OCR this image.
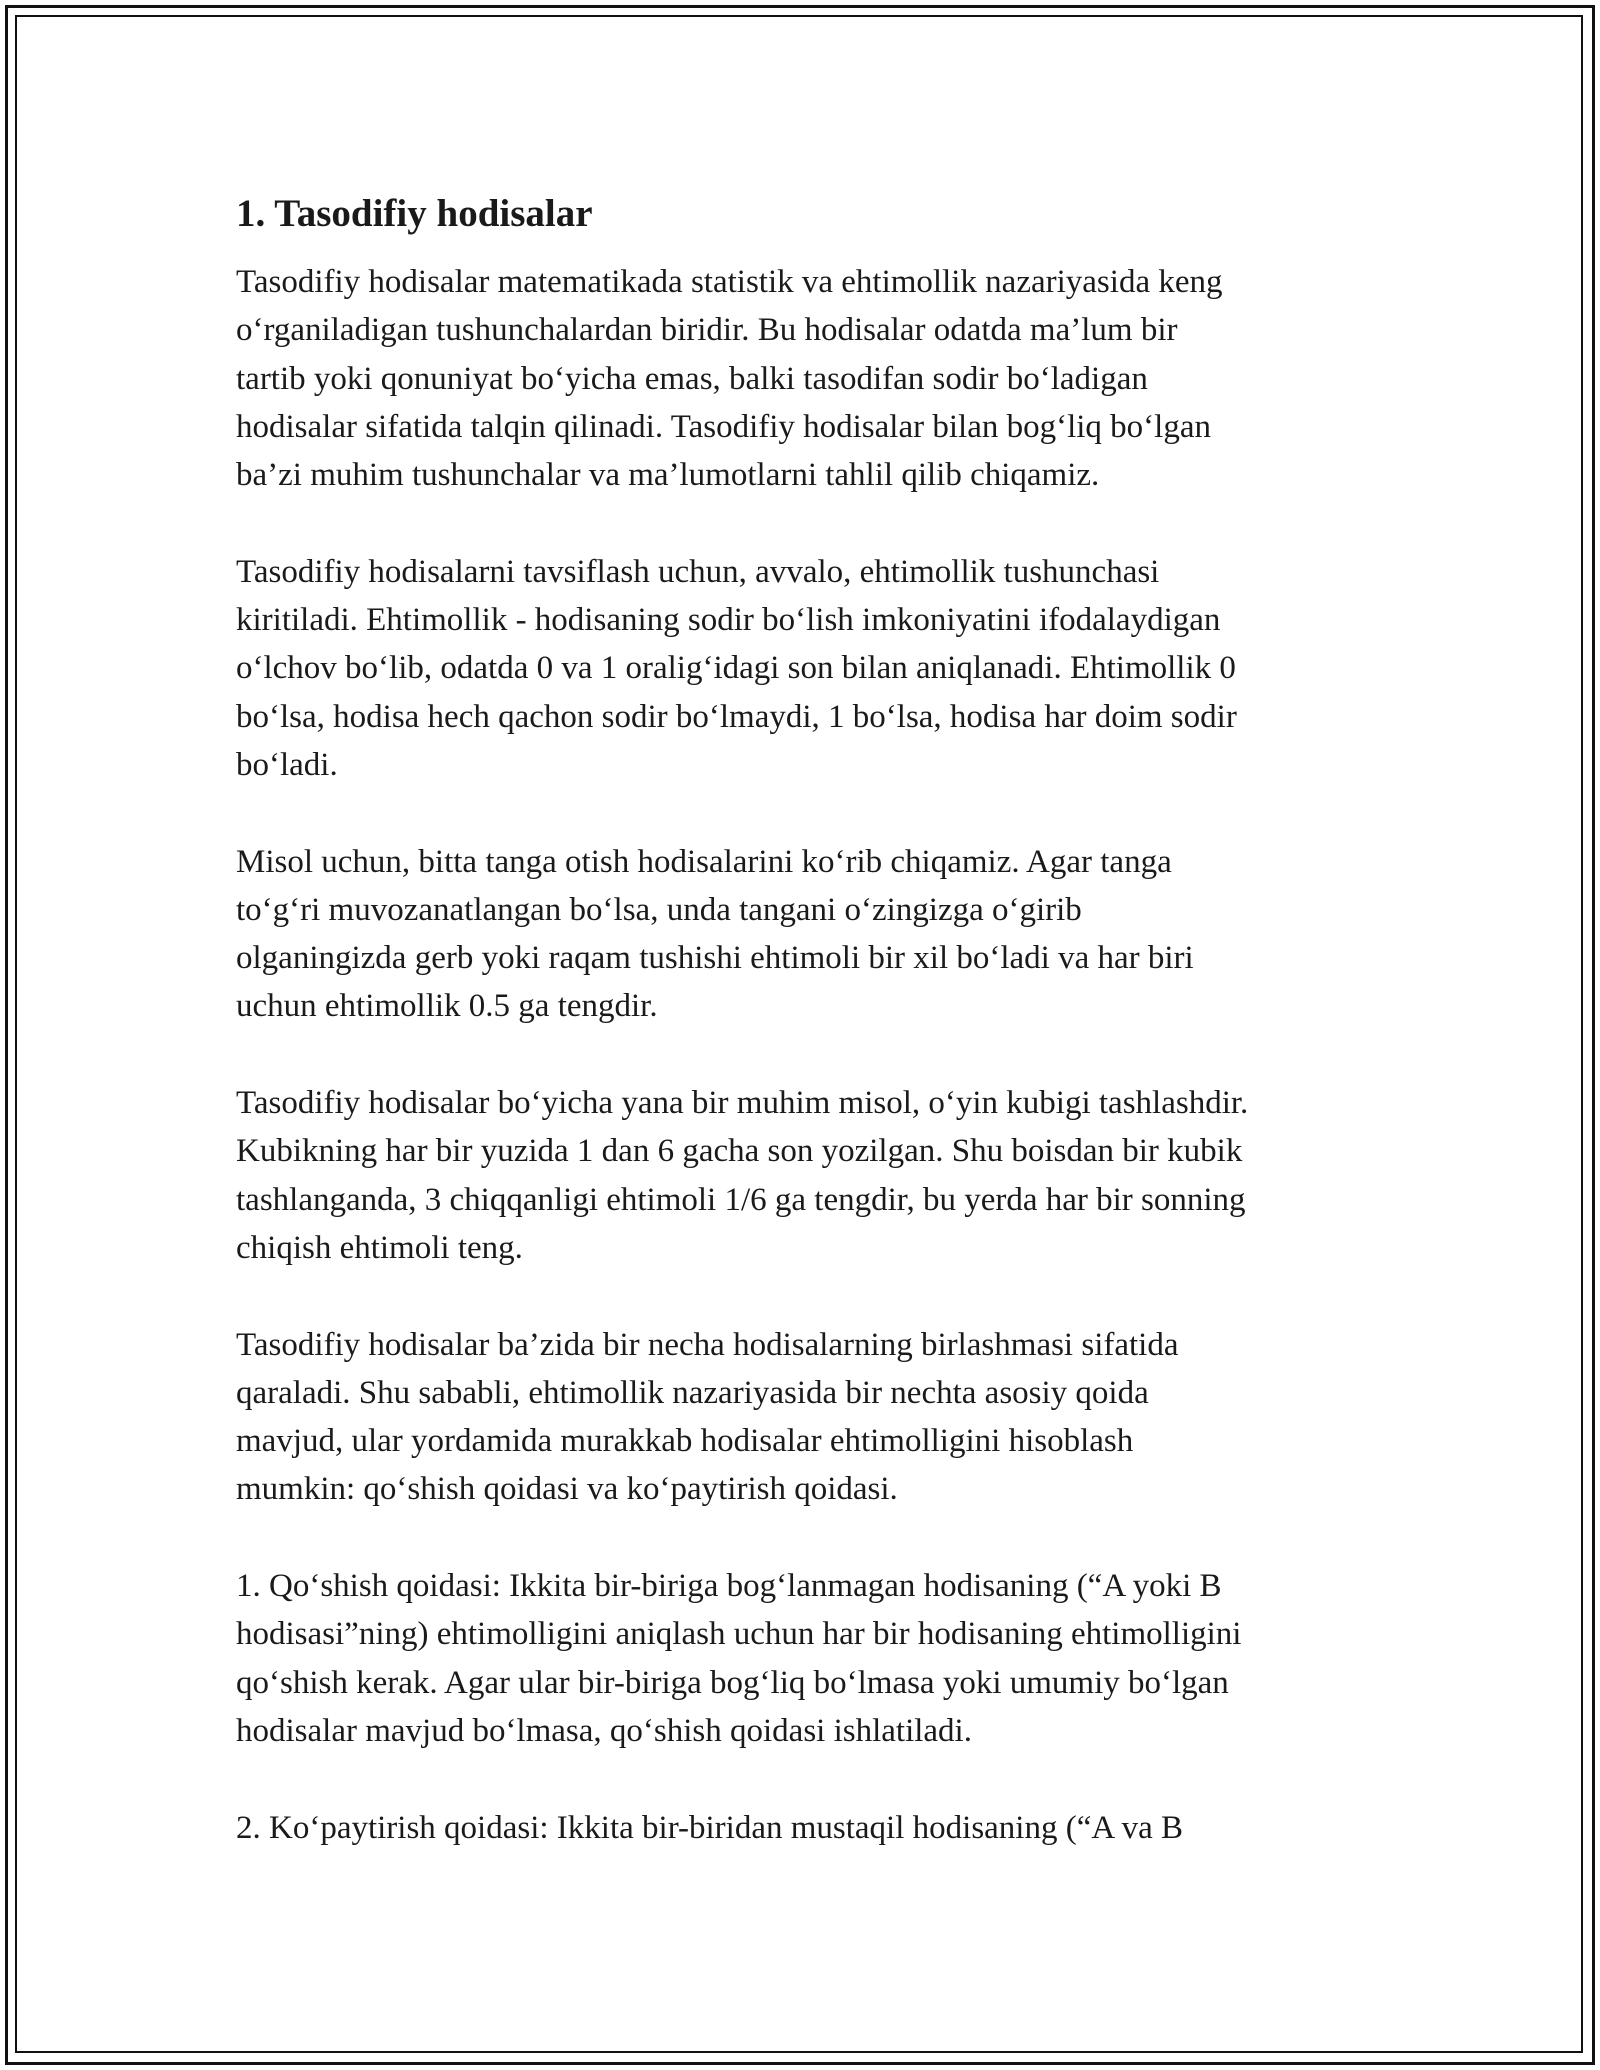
1. Tasodifiy hodisalar

Tasodifiy hodisalar matematikada statistik va ehtimollik nazariyasida keng
o‘rganiladigan tushunchalardan biridir. Bu hodisalar odatda ma’lum bir
tartib yoki qonuniyat bo‘yicha emas, balki tasodifan sodir bo‘ladigan
hodisalar sifatida talqin qilinadi. Tasodifiy hodisalar bilan bog‘liq bo‘lgan
ba’zi muhim tushunchalar va ma’lumotlarni tahlil qilib chiqamiz.

Tasodifiy hodisalarni tavsiflash uchun, avvalo, ehtimollik tushunchasi
kiritiladi. Ehtimollik - hodisaning sodir bo‘lish imkoniyatini ifodalaydigan
o‘lchov bo‘lib, odatda 0 va 1 oralig‘idagi son bilan aniqlanadi. Ehtimollik 0
bo‘lsa, hodisa hech qachon sodir bo‘lmaydi, 1 bo‘lsa, hodisa har doim sodir
bo‘ladi.

Misol uchun, bitta tanga otish hodisalarini ko‘rib chiqamiz. Agar tanga
to‘g‘ri muvozanatlangan bo‘lsa, unda tangani o‘zingizga o‘girib
olganingizda gerb yoki raqam tushishi ehtimoli bir xil bo‘ladi va har biri
uchun ehtimollik 0.5 ga tengdir.

Tasodifiy hodisalar bo‘yicha yana bir muhim misol, o‘yin kubigi tashlashdir.
Kubikning har bir yuzida 1 dan 6 gacha son yozilgan. Shu boisdan bir kubik
tashlanganda, 3 chiqqanligi ehtimoli 1/6 ga tengdir, bu yerda har bir sonning
chiqish ehtimoli teng.

Tasodifiy hodisalar ba’zida bir necha hodisalarning birlashmasi sifatida
qaraladi. Shu sababli, ehtimollik nazariyasida bir nechta asosiy qoida
mavjud, ular yordamida murakkab hodisalar ehtimolligini hisoblash
mumkin: qo‘shish qoidasi va ko‘paytirish qoidasi.

1. Qo‘shish qoidasi: Ikkita bir-biriga bog‘lanmagan hodisaning (“A yoki B
hodisasi”ning) ehtimolligini aniqlash uchun har bir hodisaning ehtimolligini
qo‘shish kerak. Agar ular bir-biriga bog‘liq bo‘lmasa yoki umumiy bo‘lgan
hodisalar mavjud bo‘lmasa, qo‘shish qoidasi ishlatiladi.

2. Ko‘paytirish qoidasi: Ikkita bir-biridan mustaqil hodisaning (“A va B
